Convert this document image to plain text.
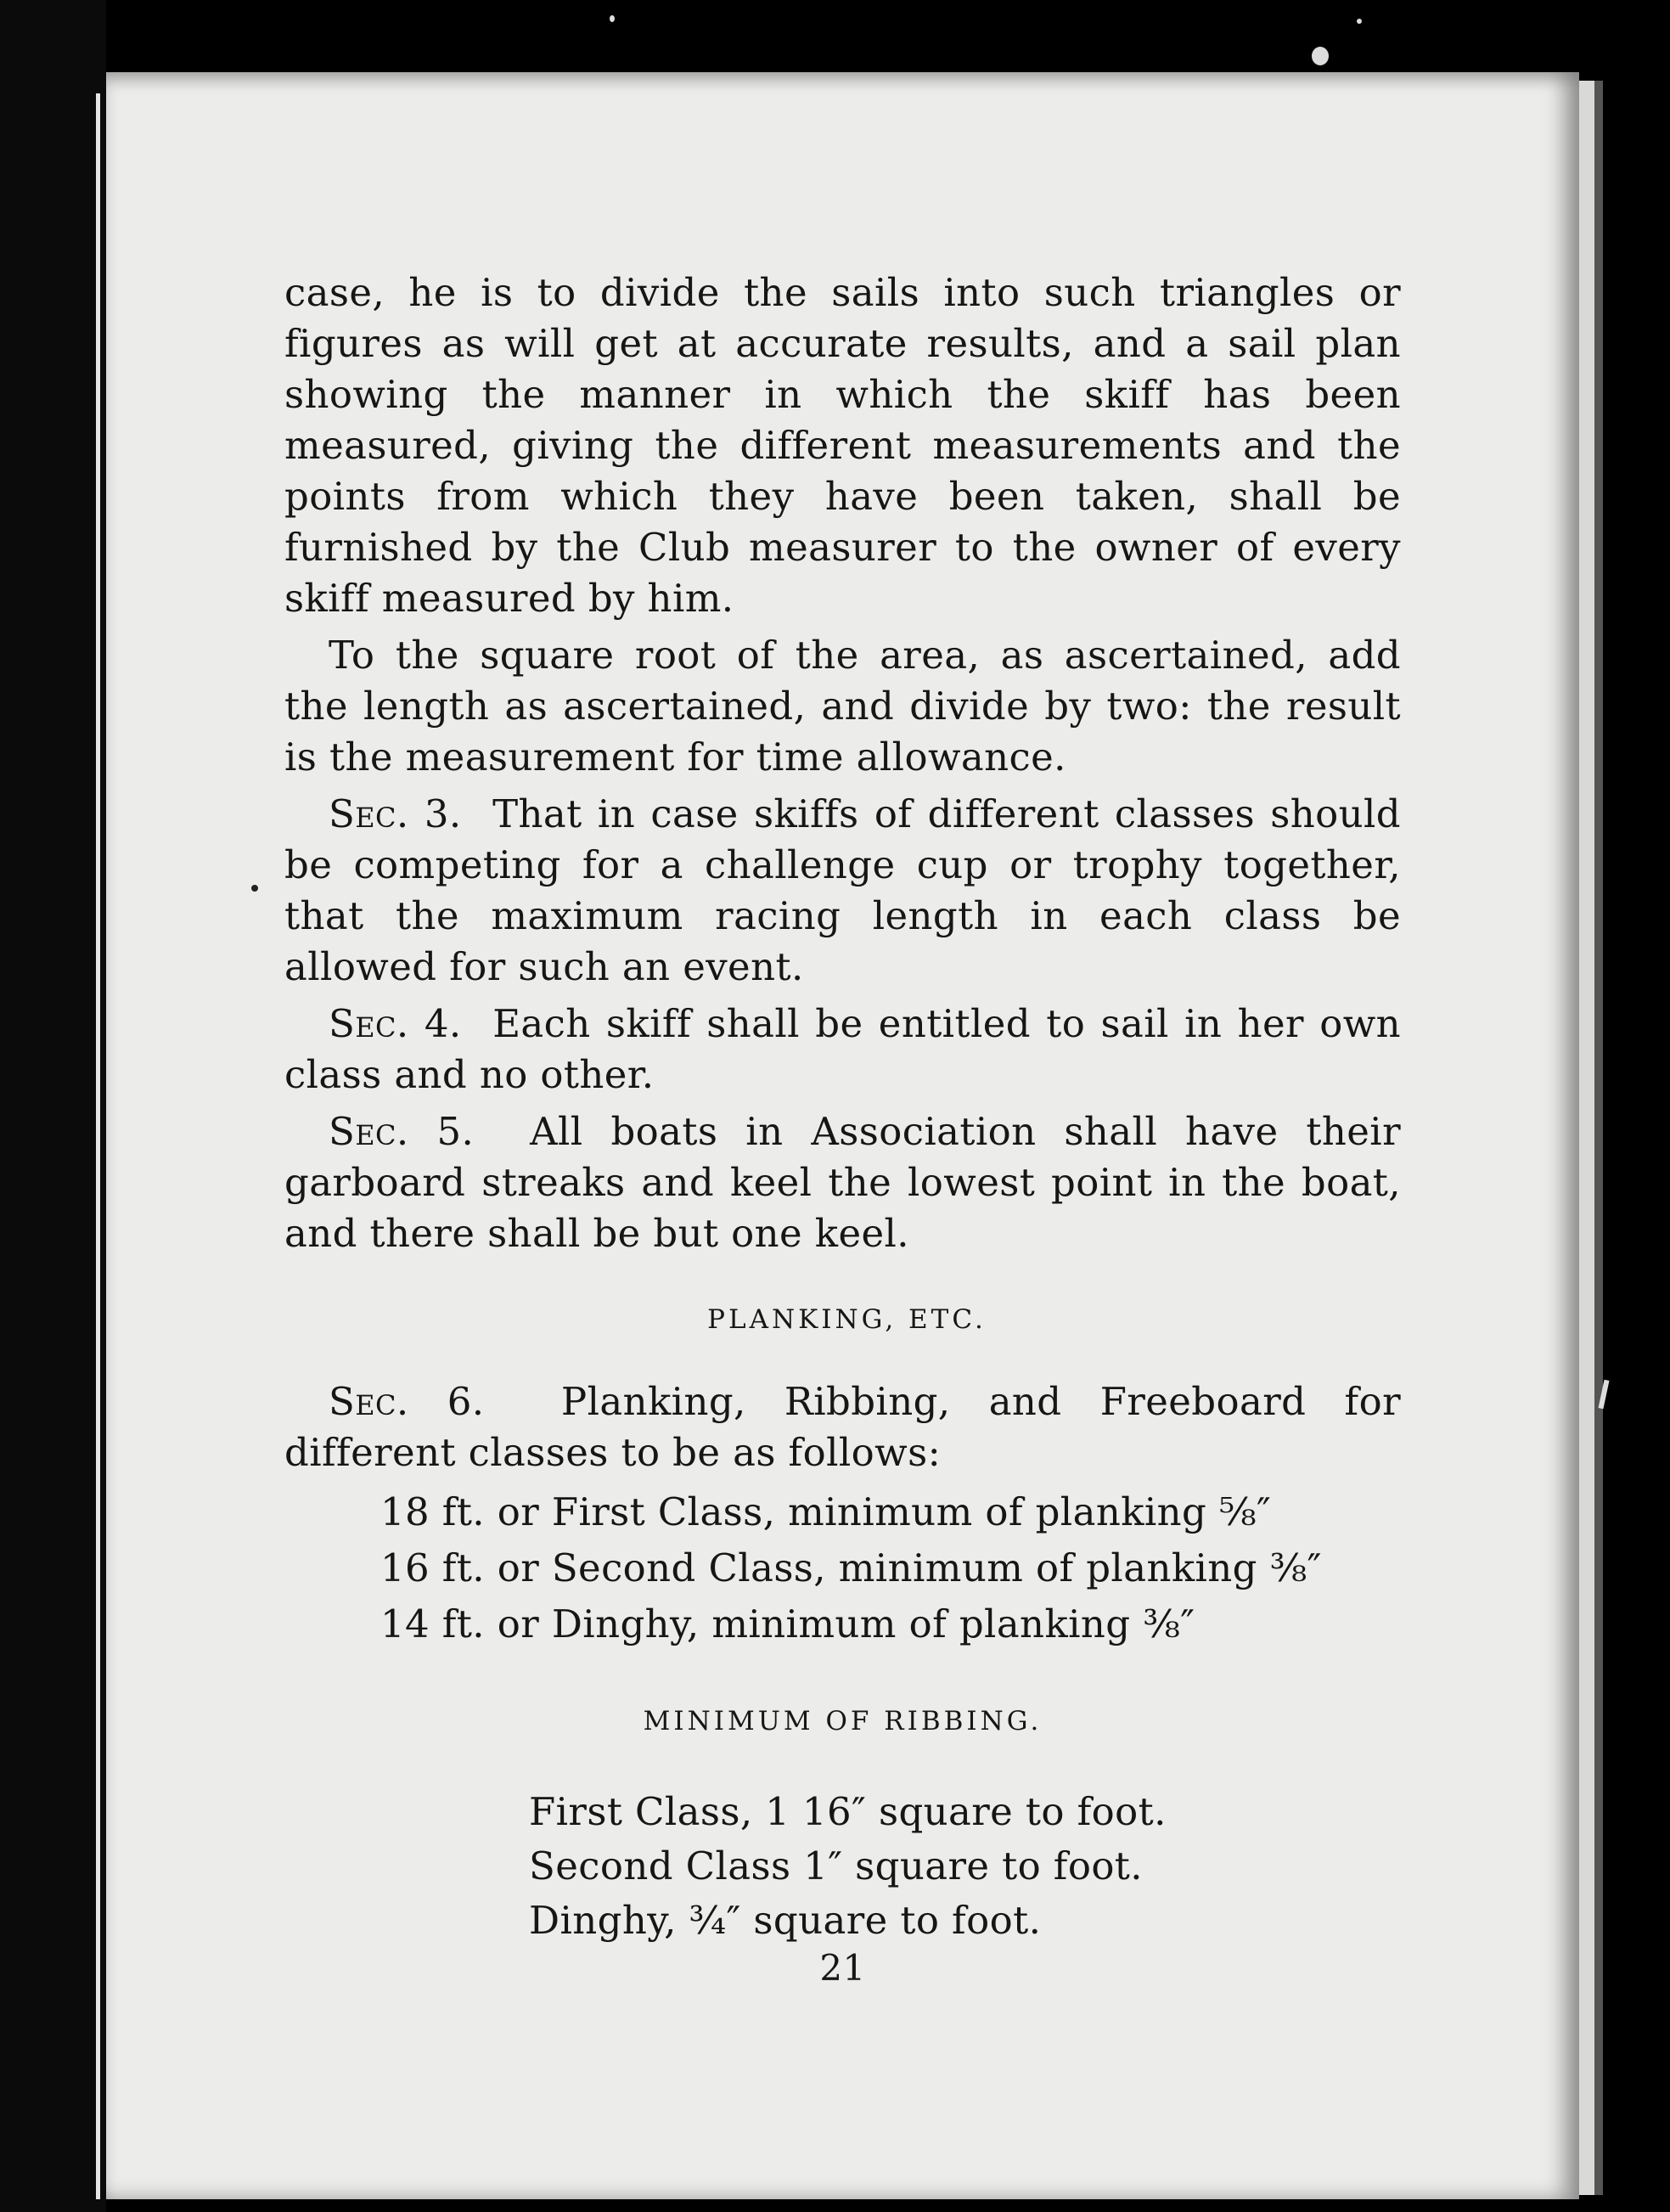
case, he is to divide the sails into such triangles or figures as will get at accurate results, and a sail plan showing the manner in which the skiff has been measured, giving the different measurements and the points from which they have been taken, shall be furnished by the Club measurer to the owner of every skiff measured by him.

To the square root of the area, as ascertained, add the length as ascertained, and divide by two: the result is the measurement for time allowance.

Sec. 3. That in case skiffs of different classes should be competing for a challenge cup or trophy together, that the maximum racing length in each class be allowed for such an event.

Sec. 4. Each skiff shall be entitled to sail in her own class and no other.

Sec. 5. All boats in Association shall have their garboard streaks and keel the lowest point in the boat, and there shall be but one keel.

PLANKING, ETC.

Sec. 6. Planking, Ribbing, and Freeboard for different classes to be as follows:

18 ft. or First Class, minimum of planking ⅝″
16 ft. or Second Class, minimum of planking ⅜″
14 ft. or Dinghy, minimum of planking ⅜″
MINIMUM OF RIBBING.
First Class, 1 16″ square to foot.
Second Class 1″ square to foot.
Dinghy, ¾″ square to foot.
21
